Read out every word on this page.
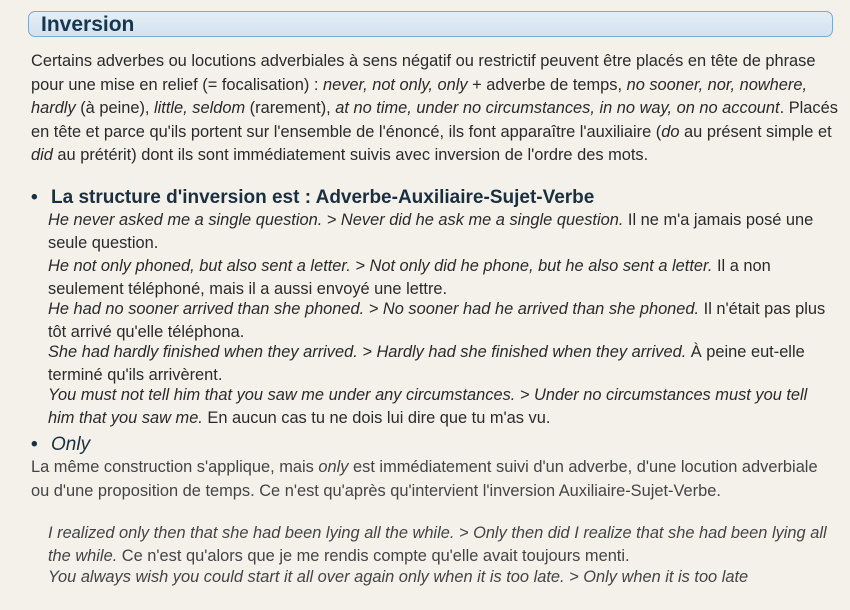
Inversion

Certains adverbes ou locutions adverbiales à sens négatif ou restrictif peuvent être placés en tête de phrase pour une mise en relief (= focalisation) : never, not only, only + adverbe de temps, no sooner, nor, nowhere, hardly (à peine), little, seldom (rarement), at no time, under no circumstances, in no way, on no account. Placés en tête et parce qu'ils portent sur l'ensemble de l'énoncé, ils font apparaître l'auxiliaire (do au présent simple et did au prétérit) dont ils sont immédiatement suivis avec inversion de l'ordre des mots.

• La structure d'inversion est : Adverbe-Auxiliaire-Sujet-Verbe

He never asked me a single question. > Never did he ask me a single question. Il ne m'a jamais posé une seule question.

He not only phoned, but also sent a letter. > Not only did he phone, but he also sent a letter. Il a non seulement téléphoné, mais il a aussi envoyé une lettre.

He had no sooner arrived than she phoned. > No sooner had he arrived than she phoned. Il n'était pas plus tôt arrivé qu'elle téléphona.

She had hardly finished when they arrived. > Hardly had she finished when they arrived. À peine eut-elle terminé qu'ils arrivèrent.

You must not tell him that you saw me under any circumstances. > Under no circumstances must you tell him that you saw me. En aucun cas tu ne dois lui dire que tu m'as vu.

• Only

La même construction s'applique, mais only est immédiatement suivi d'un adverbe, d'une locution adverbiale ou d'une proposition de temps. Ce n'est qu'après qu'intervient l'inversion Auxiliaire-Sujet-Verbe.

I realized only then that she had been lying all the while. > Only then did I realize that she had been lying all the while. Ce n'est qu'alors que je me rendis compte qu'elle avait toujours menti.

You always wish you could start it all over again only when it is too late. > Only when it is too late
